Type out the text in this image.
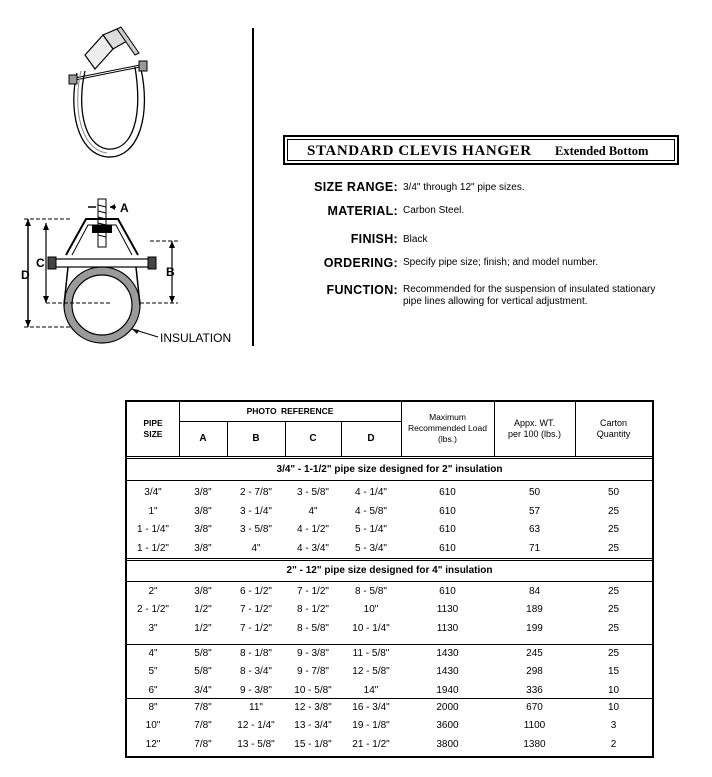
A
C
D	B
INSULATION
STANDARD CLEVIS HANGER Extended Bottom
SIZE RANGE: 3/4" through 12" pipe sizes.
MATERIAL: Carbon Steel.
FINISH: Black
ORDERING: Specify pipe size; finish; and model number.
FUNCTION: Recommended for the suspension of insulated stationary
pipe lines allowing for vertical adjustment.
PIPE
SIZE
PHOTO REFERENCE
A	B	C	D
Maximum
Recommended Load
(lbs.)
Appx. WT.
per 100 (lbs.)
Carton
Quantity
3/4" - 1-1/2" pipe size designed for 2" insulation
2" - 12" pipe size designed for 4" insulation
3/4"	3/8"	2 - 7/8"	3 - 5/8"	4 - 1/4"	610	50	50
1"	3/8"	3 - 1/4"	4"	4 - 5/8"	610	57	25
1 - 1/4"	3/8"	3 - 5/8"	4 - 1/2"	5 - 1/4"	610	63	25
1 - 1/2"	3/8"	4"	4 - 3/4"	5 - 3/4"	610	71	25
2"	3/8"	6 - 1/2"	7 - 1/2"	8 - 5/8"	610	84	25
2 - 1/2"	1/2"	7 - 1/2"	8 - 1/2"	10"	1130	189	25
3"	1/2"	7 - 1/2"	8 - 5/8"	10 - 1/4"	1130	199	25
4"	5/8"	8 - 1/8"	9 - 3/8"	11 - 5/8"	1430	245	25
5"	5/8"	8 - 3/4"	9 - 7/8"	12 - 5/8"	1430	298	15
6"	3/4"	9 - 3/8"	10 - 5/8"	14"	1940	336	10
8"	7/8"	11"	12 - 3/8"	16 - 3/4"	2000	670	10
10"	7/8"	12 - 1/4"	13 - 3/4"	19 - 1/8"	3600	1100	3
12"	7/8"	13 - 5/8"	15 - 1/8"	21 - 1/2"	3800	1380	2
